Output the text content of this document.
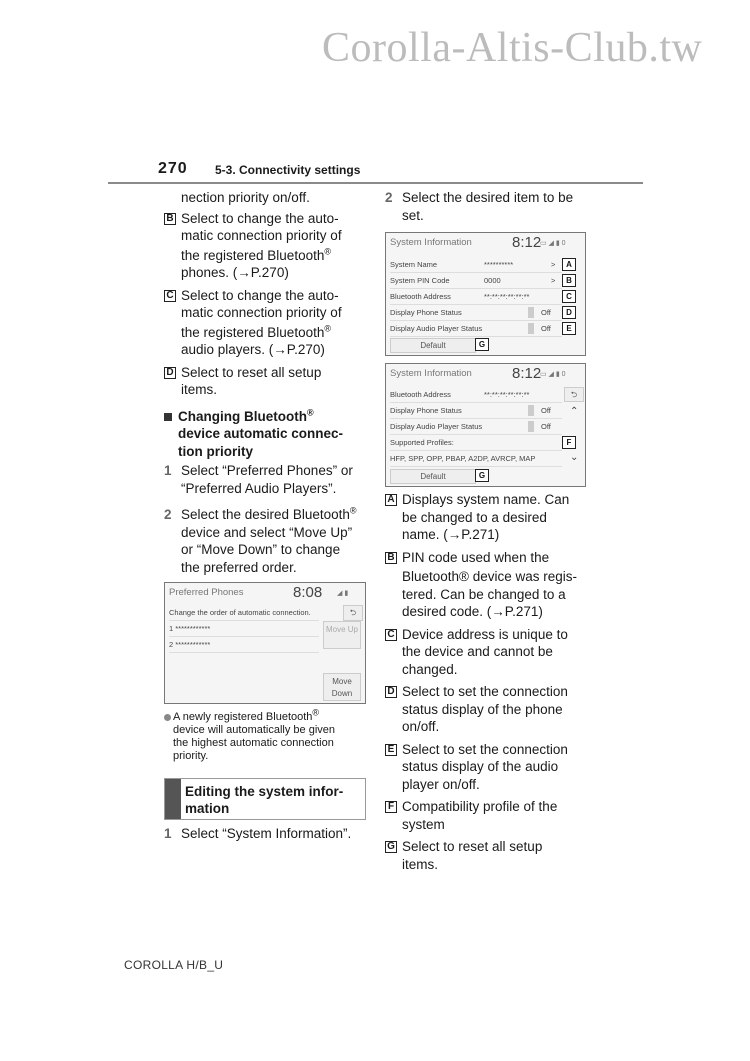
Corolla-Altis-Club.tw
270 5-3. Connectivity settings
nection priority on/off.
B Select to change the auto-
matic connection priority of
the registered Bluetooth®
phones. (→P.270)
C Select to change the auto-
matic connection priority of
the registered Bluetooth®
audio players. (→P.270)
D Select to reset all setup
items.
Changing Bluetooth®
device automatic connec-
tion priority
1 Select “Preferred Phones” or
“Preferred Audio Players”.
2 Select the desired Bluetooth®
device and select “Move Up”
or “Move Down” to change
the preferred order.
Preferred Phones	8:08 ◢ ▮
Change the order of automatic connection.	⮌
1 ************
2 ************
Move Up
Move Down
A newly registered Bluetooth®
device will automatically be given
the highest automatic connection
priority.
Editing the system infor-
mation
1 Select “System Information”.
2 Select the desired item to be
set.
System Information	8:12
▭ ◢ ▮ 0
System Name	**********	>	A
System PIN Code	0000	>	B
Bluetooth Address	**:**:**:**:**:**	C
Display Phone Status	Off	D
Display Audio Player Status	Off	E
Default	G
System Information	8:12
▭ ◢ ▮ 0
⮌
Bluetooth Address	**:**:**:**:**:**
Display Phone Status	Off ⌃
Display Audio Player Status	Off
Supported Profiles:	F
HFP, SPP, OPP, PBAP, A2DP, AVRCP, MAP	⌄
Default	G
A Displays system name. Can
be changed to a desired
name. (→P.271)
B PIN code used when the
Bluetooth® device was regis-
tered. Can be changed to a
desired code. (→P.271)
C Device address is unique to
the device and cannot be
changed.
D Select to set the connection
status display of the phone
on/off.
E Select to set the connection
status display of the audio
player on/off.
F Compatibility profile of the
system
G Select to reset all setup
items.
COROLLA H/B_U
